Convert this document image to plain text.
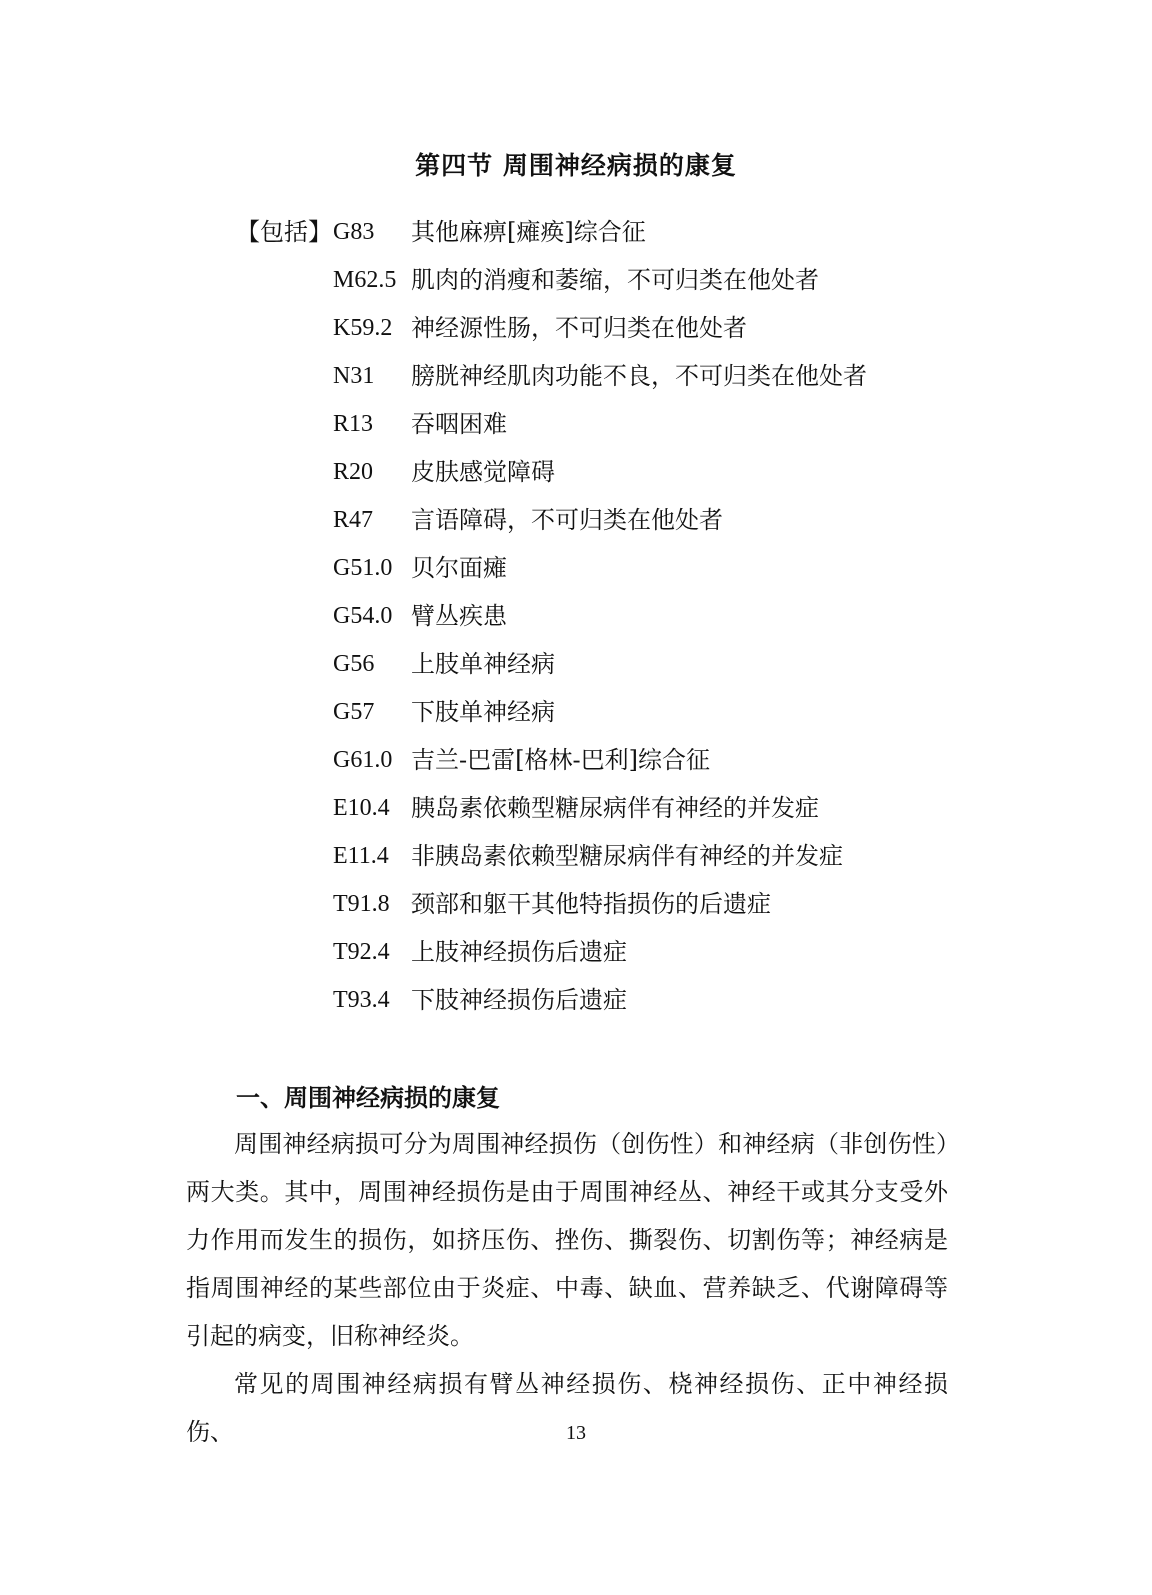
第四节 周围神经病损的康复
【包括】 G83	其他麻痹[瘫痪]综合征
M62.5 肌肉的消瘦和萎缩，不可归类在他处者
K59.2 神经源性肠，不可归类在他处者
N31	膀胱神经肌肉功能不良，不可归类在他处者
R13	吞咽困难
R20	皮肤感觉障碍
R47	言语障碍，不可归类在他处者
G51.0 贝尔面瘫
G54.0 臂丛疾患
G56	上肢单神经病
G57	下肢单神经病
G61.0 吉兰-巴雷[格林-巴利]综合征
E10.4 胰岛素依赖型糖尿病伴有神经的并发症
E11.4 非胰岛素依赖型糖尿病伴有神经的并发症
T91.8 颈部和躯干其他特指损伤的后遗症
T92.4 上肢神经损伤后遗症
T93.4 下肢神经损伤后遗症
一、周围神经病损的康复

周围神经病损可分为周围神经损伤（创伤性）和神经病（非创伤性）两大类。其中，周围神经损伤是由于周围神经丛、神经干或其分支受外力作用而发生的损伤，如挤压伤、挫伤、撕裂伤、切割伤等；神经病是指周围神经的某些部位由于炎症、中毒、缺血、营养缺乏、代谢障碍等引起的病变，旧称神经炎。

常见的周围神经病损有臂丛神经损伤、桡神经损伤、正中神经损伤、	13
